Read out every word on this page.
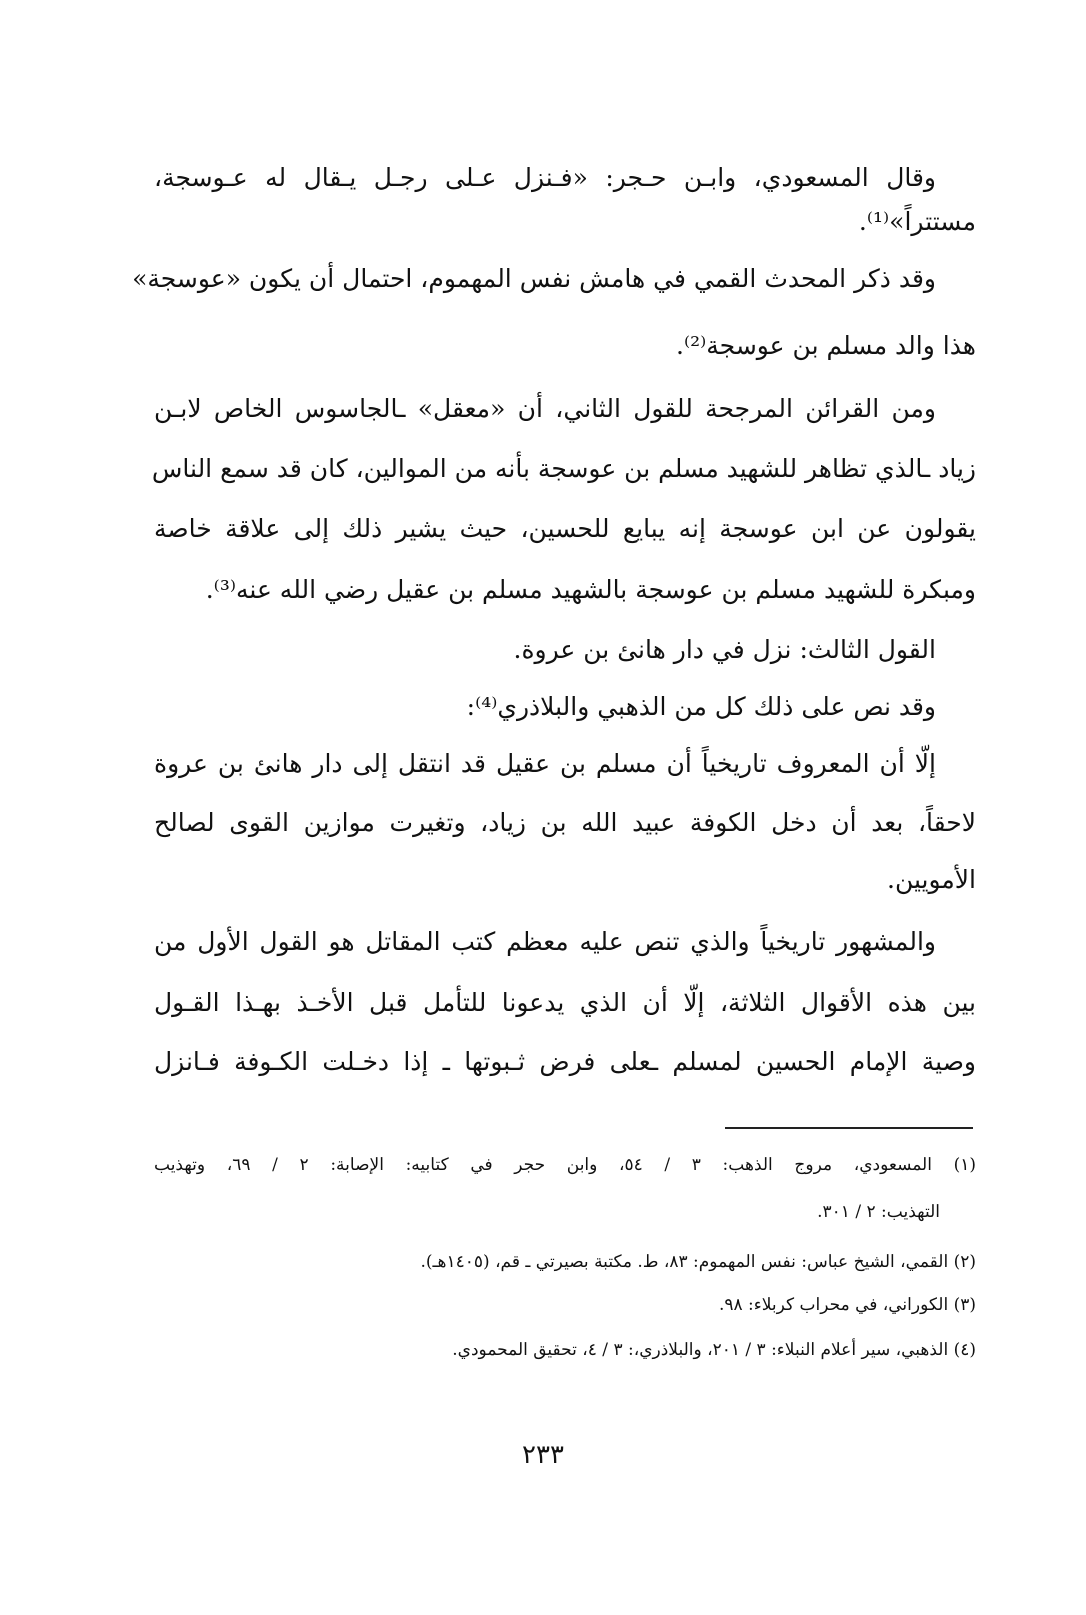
وقال المسعودي، وابـن حـجر: «فـنزل عـلى رجـل يـقال له عـوسجة،
مستتراً»⁽¹⁾.
وقد ذكر المحدث القمي في هامش نفس المهموم، احتمال أن يكون «عوسجة»
هذا والد مسلم بن عوسجة⁽²⁾.
ومن القرائن المرجحة للقول الثاني، أن «معقل» ـالجاسوس الخاص لابـن
زياد ـالذي تظاهر للشهيد مسلم بن عوسجة بأنه من الموالين، كان قد سمع الناس
يقولون عن ابن عوسجة إنه يبايع للحسين، حيث يشير ذلك إلى علاقة خاصة
ومبكرة للشهيد مسلم بن عوسجة بالشهيد مسلم بن عقيل رضي الله عنه⁽³⁾.
القول الثالث: نزل في دار هانئ بن عروة.
وقد نص على ذلك كل من الذهبي والبلاذري⁽⁴⁾:
إلّا أن المعروف تاريخياً أن مسلم بن عقيل قد انتقل إلى دار هانئ بن عروة
لاحقاً، بعد أن دخل الكوفة عبيد الله بن زياد، وتغيرت موازين القوى لصالح
الأمويين.
والمشهور تاريخياً والذي تنص عليه معظم كتب المقاتل هو القول الأول من
بين هذه الأقوال الثلاثة، إلّا أن الذي يدعونا للتأمل قبل الأخـذ بهـذا القـول
وصية الإمام الحسين لمسلم ـعلى فرض ثـبوتها ـ إذا دخـلت الكـوفة فـانزل
(١) المسعودي، مروج الذهب: ٣ / ٥٤، وابن حجر في كتابيه: الإصابة: ٢ / ٦٩، وتهذيب
التهذيب: ٢ / ٣٠١.
(٢) القمي، الشيخ عباس: نفس المهموم: ٨٣، ط. مكتبة بصيرتي ـ قم، (١٤٠٥هـ).
(٣) الكوراني، في محراب كربلاء: ٩٨.
(٤) الذهبي، سير أعلام النبلاء: ٣ / ٢٠١، والبلاذري،: ٣ / ٤، تحقيق المحمودي.
٢٣٣
